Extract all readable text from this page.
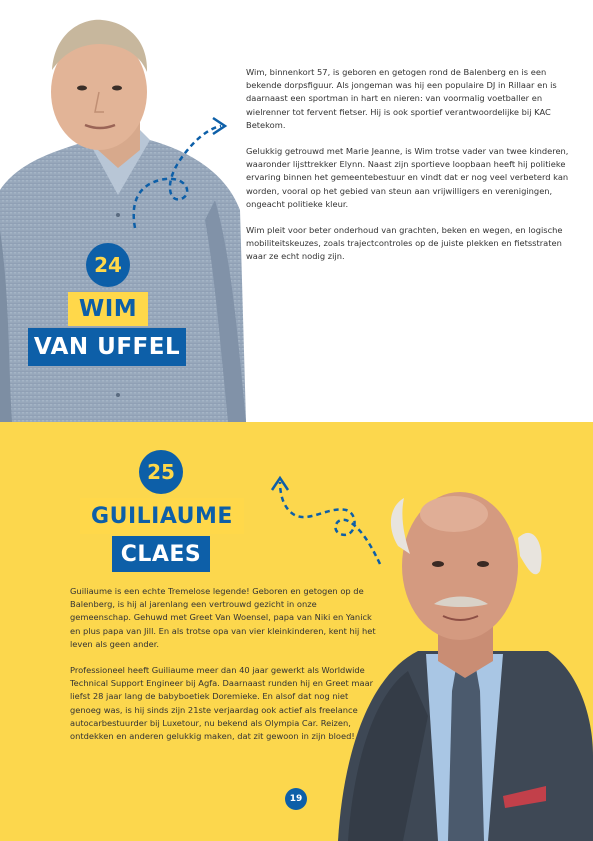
24
WIM
VAN UFFEL

Wim, binnenkort 57, is geboren en getogen rond de Balenberg en is een bekende dorpsfiguur. Als jongeman was hij een populaire DJ in Rillaar en is daarnaast een sportman in hart en nieren: van voormalig voetballer en wielrenner tot fervent fietser. Hij is ook sportief verantwoordelijke bij KAC Betekom.

Gelukkig getrouwd met Marie Jeanne, is Wim trotse vader van twee kinderen, waaronder lijsttrekker Elynn. Naast zijn sportieve loopbaan heeft hij politieke ervaring binnen het gemeentebestuur en vindt dat er nog veel verbeterd kan worden, vooral op het gebied van steun aan vrijwilligers en verenigingen, ongeacht politieke kleur.

Wim pleit voor beter onderhoud van grachten, beken en wegen, en logische mobiliteitskeuzes, zoals trajectcontroles op de juiste plekken en fietsstraten waar ze echt nodig zijn.

25
GUILIAUME
CLAES

Guiliaume is een echte Tremelose legende! Geboren en getogen op de Balenberg, is hij al jarenlang een vertrouwd gezicht in onze gemeenschap. Gehuwd met Greet Van Woensel, papa van Niki en Yanick en plus papa van Jill. En als trotse opa van vier kleinkinderen, kent hij het leven als geen ander.

Professioneel heeft Guiliaume meer dan 40 jaar gewerkt als Worldwide Technical Support Engineer bij Agfa. Daarnaast runden hij en Greet maar liefst 28 jaar lang de babyboetiek Doremieke. En alsof dat nog niet genoeg was, is hij sinds zijn 21ste verjaardag ook actief als freelance autocarbestuurder bij Luxetour, nu bekend als Olympia Car. Reizen, ontdekken en anderen gelukkig maken, dat zit gewoon in zijn bloed!

19
